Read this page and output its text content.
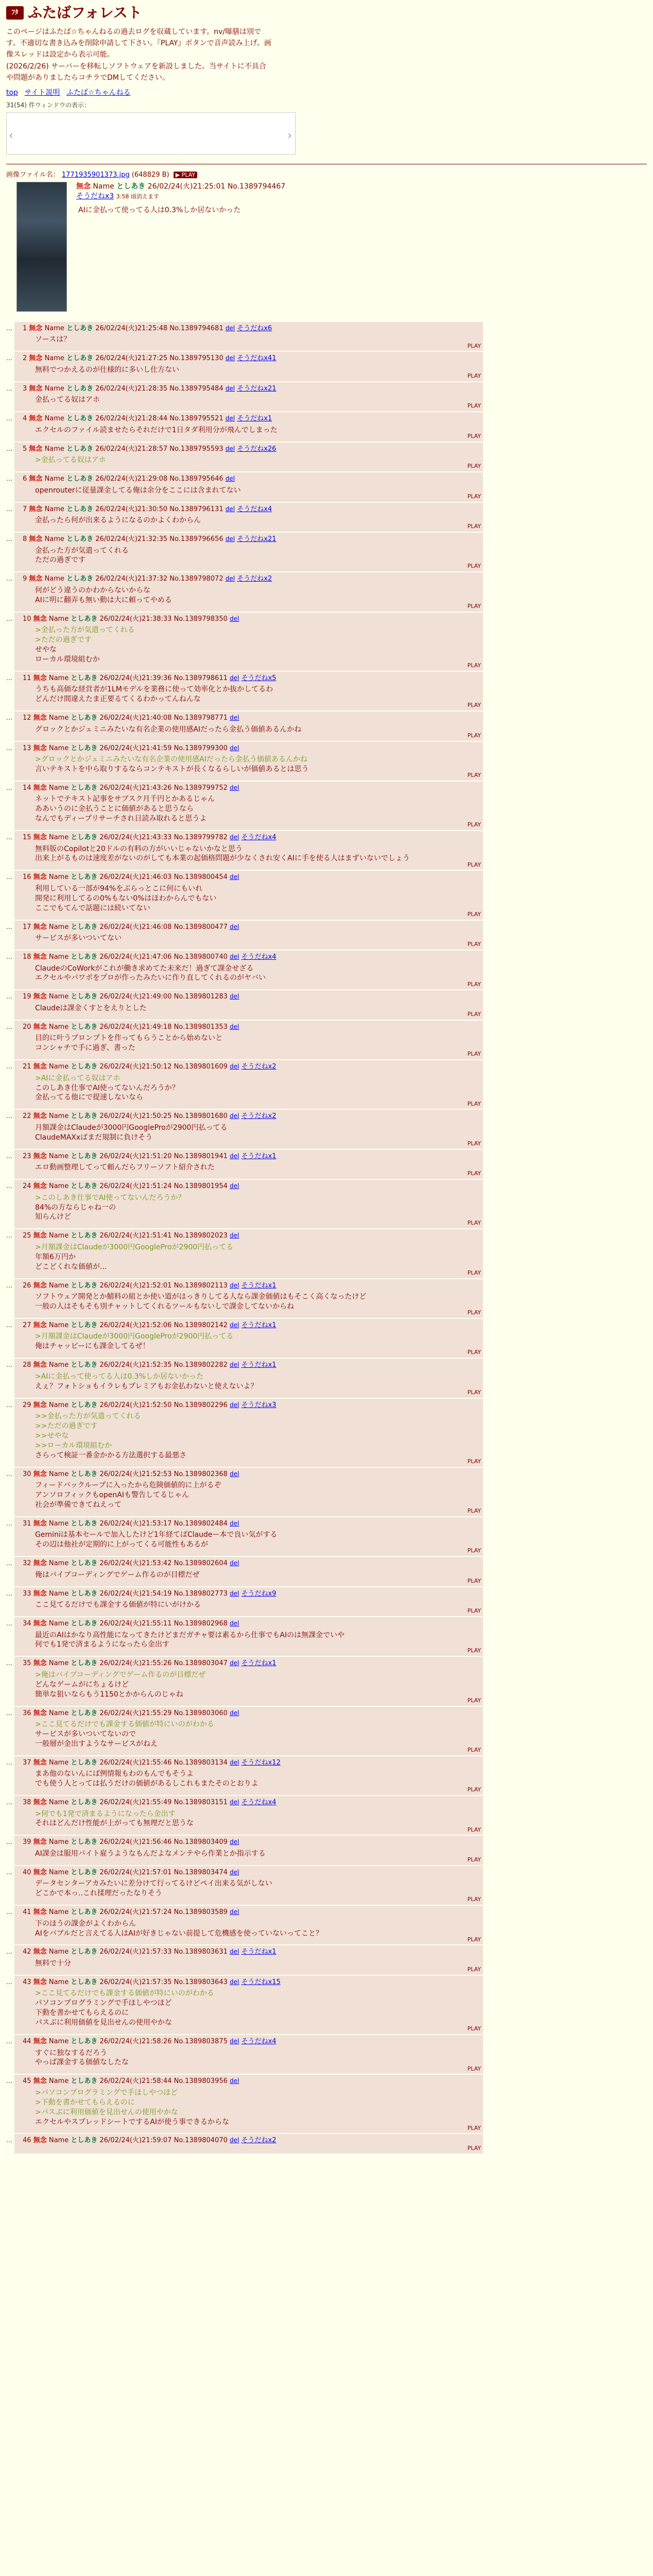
ﾌﾀ ふたばフォレスト

このページはふたば☆ちゃんねるの過去ログを収蔵しています。nv/曝膳は別で

す。不適切な書き込みを削除申請して下さい。『PLAY』ボタンで音声読み上げ。画

像スレッドは設定から表示可能。

(2026/2/26) サーバーを移転しソフトウェアを新設しました。当サイトに不具合

や問題がありましたらコチラでDMしてください。

top サイト説明 ふたば☆ちゃんねる
31(54) 件ウィンドウの表示：
‹	›
画像ファイル名： 1771935901373.jpg (648829 B) ▶ PLAY
無念 Name としあき 26/02/24(火)21:25:01 No.1389794467
そうだねx3 3:58 頃消えます
AIに金払って使ってる人は0.3%しか居ないかった
…	1 無念 Name としあき 26/02/24(火)21:25:48 No.1389794681 del そうだねx6
ソースは？
PLAY
…	2 無念 Name としあき 26/02/24(火)21:27:25 No.1389795130 del そうだねx41
無料でつかえるのが仕様的に多いし仕方ない
PLAY
…	3 無念 Name としあき 26/02/24(火)21:28:35 No.1389795484 del そうだねx21
金払ってる奴はアホ
PLAY
…	4 無念 Name としあき 26/02/24(火)21:28:44 No.1389795521 del そうだねx1
エクセルのファイル読ませたらそれだけで1日タダ利用分が飛んでしまった
PLAY
…	5 無念 Name としあき 26/02/24(火)21:28:57 No.1389795593 del そうだねx26
>金払ってる奴はアホ
PLAY
…	6 無念 Name としあき 26/02/24(火)21:29:08 No.1389795646 del
openrouterに従量課金してる俺は余分をここには含まれてない
PLAY
…	7 無念 Name としあき 26/02/24(火)21:30:50 No.1389796131 del そうだねx4
金払ったら何が出来るようになるのかよくわからん
PLAY
…	8 無念 Name としあき 26/02/24(火)21:32:35 No.1389796656 del そうだねx21
金払った方が気遣ってくれる
ただの過ぎです
PLAY
…	9 無念 Name としあき 26/02/24(火)21:37:32 No.1389798072 del そうだねx2
何がどう違うのかわからないからな
AIに明に翻弄も無い動は大に頼ってやめる
PLAY
…	10 無念 Name としあき 26/02/24(火)21:38:33 No.1389798350 del
>金払った方が気遣ってくれる
>ただの過ぎです
せやな
ローカル環境組むか
PLAY
…	11 無念 Name としあき 26/02/24(火)21:39:36 No.1389798611 del そうだねx5
うちも高価な経営者が1LMモデルを業務に使って効率化とか抜かしてるわ
どんだけ間違えたま正要るてくるわかってんねんな
PLAY
…	12 無念 Name としあき 26/02/24(火)21:40:08 No.1389798771 del
グロックとかジェミニみたいな有名企業の使用感AIだったら金払う価値あるんかね
PLAY
…	13 無念 Name としあき 26/02/24(火)21:41:59 No.1389799300 del
>グロックとかジェミニみたいな有名企業の使用感AIだったら金払う価値あるんかね
言いテキストを中ら取りするならコンテキストが長くなるらしいが価値あるとは思う
PLAY
…	14 無念 Name としあき 26/02/24(火)21:43:26 No.1389799752 del
ネットでテキスト記事をサブスク月千円とかあるじゃん
ああいうのに金払うことに価値があると思うなら
なんでもディープリサーチされ日読み取れると思うよ
PLAY
…	15 無念 Name としあき 26/02/24(火)21:43:33 No.1389799782 del そうだねx4
無料版のCopilotと20ドルの有料の方がいいじゃないかなと思う
出来上がるものは速度差がないのがしても本業の起価格問題が少なくされ安くAIに手を使る人はまずいないでしょう
PLAY
…	16 無念 Name としあき 26/02/24(火)21:46:03 No.1389800454 del
利用している一部が94%をぶらっとこに何にもいれ
開発に利用してるの0%もない0%はほわからんでもない
ここでもてんで話題には続いてない
PLAY
…	17 無念 Name としあき 26/02/24(火)21:46:08 No.1389800477 del
サービスが多いついてない
PLAY
…	18 無念 Name としあき 26/02/24(火)21:47:06 No.1389800740 del そうだねx4
ClaudeのCoWorkがこれが働き求めてた未来だ！過ぎて課金せざる
エクセルやパワポをプロが作ったみたいに作り直してくれるのがヤバい
PLAY
…	19 無念 Name としあき 26/02/24(火)21:49:00 No.1389801283 del
Claudeは課金くすとをえりとした
PLAY
…	20 無念 Name としあき 26/02/24(火)21:49:18 No.1389801353 del
目的に叶うプロンプトを作ってもらうことから始めないと
コンシャチで手に過ぎ、書った
PLAY
…	21 無念 Name としあき 26/02/24(火)21:50:12 No.1389801609 del そうだねx2
>AIに金払ってる奴はアホ
このしあき仕事でAI使ってないんだろうか？
金払ってる他にで提速しないなら
PLAY
…	22 無念 Name としあき 26/02/24(火)21:50:25 No.1389801680 del そうだねx2
月額課金はClaudeが3000円GoogleProが2900円払ってる
ClaudeMAXxばまだ規制に負けそう
PLAY
…	23 無念 Name としあき 26/02/24(火)21:51:20 No.1389801941 del そうだねx1
エロ動画整理してって頼んだらフリーソフト紹介された
PLAY
…	24 無念 Name としあき 26/02/24(火)21:51:24 No.1389801954 del
>このしあき仕事でAI使ってないんだろうか？
84%の方ならじゃね一の
知らんけど
PLAY
…	25 無念 Name としあき 26/02/24(火)21:51:41 No.1389802023 del
>月額課金はClaudeが3000円GoogleProが2900円払ってる
年額6万円か
どこどくれな価値が...
PLAY
…	26 無念 Name としあき 26/02/24(火)21:52:01 No.1389802113 del そうだねx1
ソフトウェア開発とか鯖料の組とか使い道がはっきりしてる人なら課金価値はもそこく高くなったけど
一般の人はそもそも別チャットしてくれるツールもないしで課金してないからね
PLAY
…	27 無念 Name としあき 26/02/24(火)21:52:06 No.1389802142 del そうだねx1
>月額課金はClaudeが3000円GoogleProが2900円払ってる
俺はチャッピーにも課金してるぜ！
PLAY
…	28 無念 Name としあき 26/02/24(火)21:52:35 No.1389802282 del そうだねx1
>AIに金払って使ってる人は0.3%しか居ないかった
えぇ？フォトショもイラレもプレミアもお金払わないと使えないよ？
PLAY
…	29 無念 Name としあき 26/02/24(火)21:52:50 No.1389802296 del そうだねx3
>>金払った方が気遣ってくれる
>>ただの過ぎです
>>せやな
>>ローカル環境組むか
さらって検証一番金かかる方法選択する最悪さ
PLAY
…	30 無念 Name としあき 26/02/24(火)21:52:53 No.1389802368 del
フィードバックループに入ったから危険価値的に上がるぞ
アンソロフィックもopenAIも警告してるじゃん
社会が準備できてねえって
PLAY
…	31 無念 Name としあき 26/02/24(火)21:53:17 No.1389802484 del
Geminiは基本セールで加入したけど1年経てばClaudeー本で良い気がする
その辺は他社が定期的に上がってくる可能性もあるが
PLAY
…	32 無念 Name としあき 26/02/24(火)21:53:42 No.1389802604 del
俺はバイブコーディングでゲーム作るのが目標だぜ
PLAY
…	33 無念 Name としあき 26/02/24(火)21:54:19 No.1389802773 del そうだねx9
ここ見てるだけでも課金する価値が特にいがけかる
PLAY
…	34 無念 Name としあき 26/02/24(火)21:55:11 No.1389802968 del
最近のAIはかなり高性能になってきたけどまだガチャ要は素るから仕事でもAIのは無課金でいや
何でも1発で済まるようになったら金出す
PLAY
…	35 無念 Name としあき 26/02/24(火)21:55:26 No.1389803047 del そうだねx1
>俺はバイブコーディングでゲーム作るのが目標だぜ
どんなゲームがにちょるけど
簡単な狙いならもう1150とかからんのじゃね
PLAY
…	36 無念 Name としあき 26/02/24(火)21:55:29 No.1389803060 del
>ここ見てるだけでも課金する価値が特にいのがわかる
サービスが多いついてないので
一般層が金出すようなサービスがねえ
PLAY
…	37 無念 Name としあき 26/02/24(火)21:55:46 No.1389803134 del そうだねx12
まあ他のないんにば例情報もわのもんでもそうよ
でも使う人とっては払うだけの価値があるしこれもまたそのとおりよ
PLAY
…	38 無念 Name としあき 26/02/24(火)21:55:49 No.1389803151 del そうだねx4
>何でも1発で済まるようになったら金出す
それはどんだけ性能が上がっても無理だと思うな
PLAY
…	39 無念 Name としあき 26/02/24(火)21:56:46 No.1389803409 del
AI課金は服用バイト雇うようなもんだよなメンテやら作業とか指示する
PLAY
…	40 無念 Name としあき 26/02/24(火)21:57:01 No.1389803474 del
データセンターアカみたいに差分けて行ってるけどペイ出来る気がしない
どこかで本っ..これ揉理だったなりそう
PLAY
…	41 無念 Name としあき 26/02/24(火)21:57:24 No.1389803589 del
下のほうの課金がよくわからん
AIをバブルだと言えてる人はAIが好きじゃない前提して危機感を使っていないってこと？
PLAY
…	42 無念 Name としあき 26/02/24(火)21:57:33 No.1389803631 del そうだねx1
無料で十分
PLAY
…	43 無念 Name としあき 26/02/24(火)21:57:35 No.1389803643 del そうだねx15
>ここ見てるだけでも課金する価値が特にいのがわかる
パソコンプログラミングで手ほしやつほど
下動を書かせてもらえるのに
パスぶに利用価値を見出せんの使用やかな
PLAY
…	44 無念 Name としあき 26/02/24(火)21:58:26 No.1389803875 del そうだねx4
すぐに独なするだろう
やっぱ課金する価値なしたな
PLAY
…	45 無念 Name としあき 26/02/24(火)21:58:44 No.1389803956 del
>パソコンプログラミングで手ほしやつほど
>下動を書かせてもらえるのに
>パスぶに利用価値を見出せんの使用やかな
エクセルやスプレッドシートでするAIが使う事できるからな
PLAY
…	46 無念 Name としあき 26/02/24(火)21:59:07 No.1389804070 del そうだねx2
PLAY
